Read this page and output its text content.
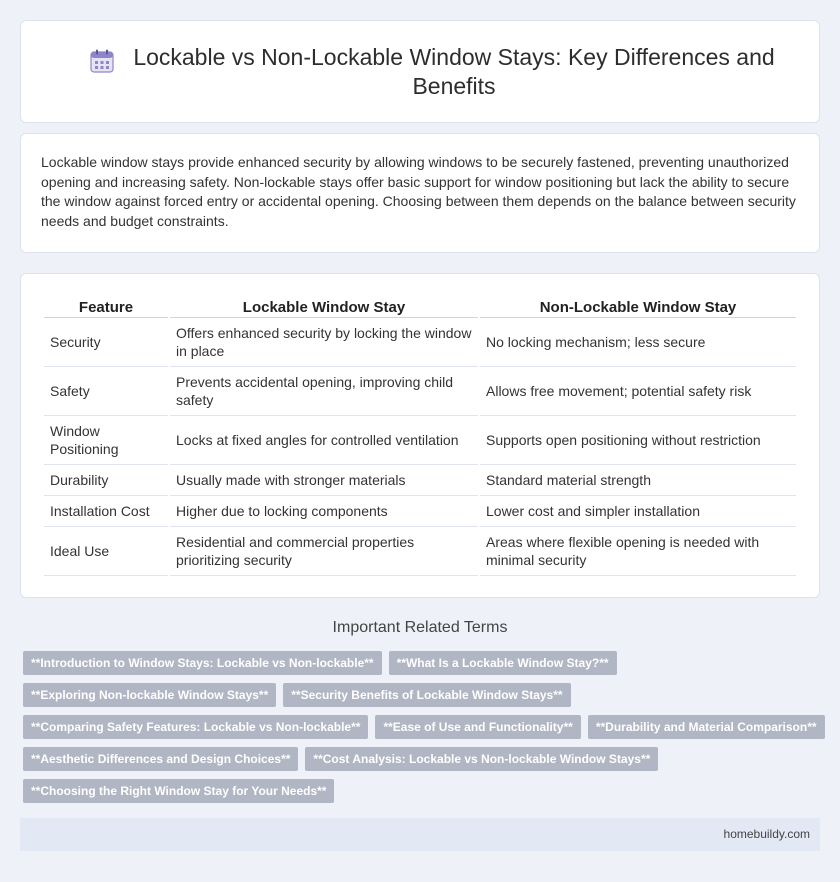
Lockable vs Non-Lockable Window Stays: Key Differences and Benefits

Lockable window stays provide enhanced security by allowing windows to be securely fastened, preventing unauthorized opening and increasing safety. Non-lockable stays offer basic support for window positioning but lack the ability to secure the window against forced entry or accidental opening. Choosing between them depends on the balance between security needs and budget constraints.

Feature	Lockable Window Stay	Non-Lockable Window Stay
Security	Offers enhanced security by locking the window in place	No locking mechanism; less secure
Safety	Prevents accidental opening, improving child safety	Allows free movement; potential safety risk
Window Positioning	Locks at fixed angles for controlled ventilation	Supports open positioning without restriction
Durability	Usually made with stronger materials	Standard material strength
Installation Cost	Higher due to locking components	Lower cost and simpler installation
Ideal Use	Residential and commercial properties prioritizing security	Areas where flexible opening is needed with minimal security
Important Related Terms
**Introduction to Window Stays: Lockable vs Non-lockable**	**What Is a Lockable Window Stay?**
**Exploring Non-lockable Window Stays**	**Security Benefits of Lockable Window Stays**
**Comparing Safety Features: Lockable vs Non-lockable**	**Ease of Use and Functionality**	**Durability and Material Comparison**
**Aesthetic Differences and Design Choices**	**Cost Analysis: Lockable vs Non-lockable Window Stays**
**Choosing the Right Window Stay for Your Needs**
homebuildy.com
